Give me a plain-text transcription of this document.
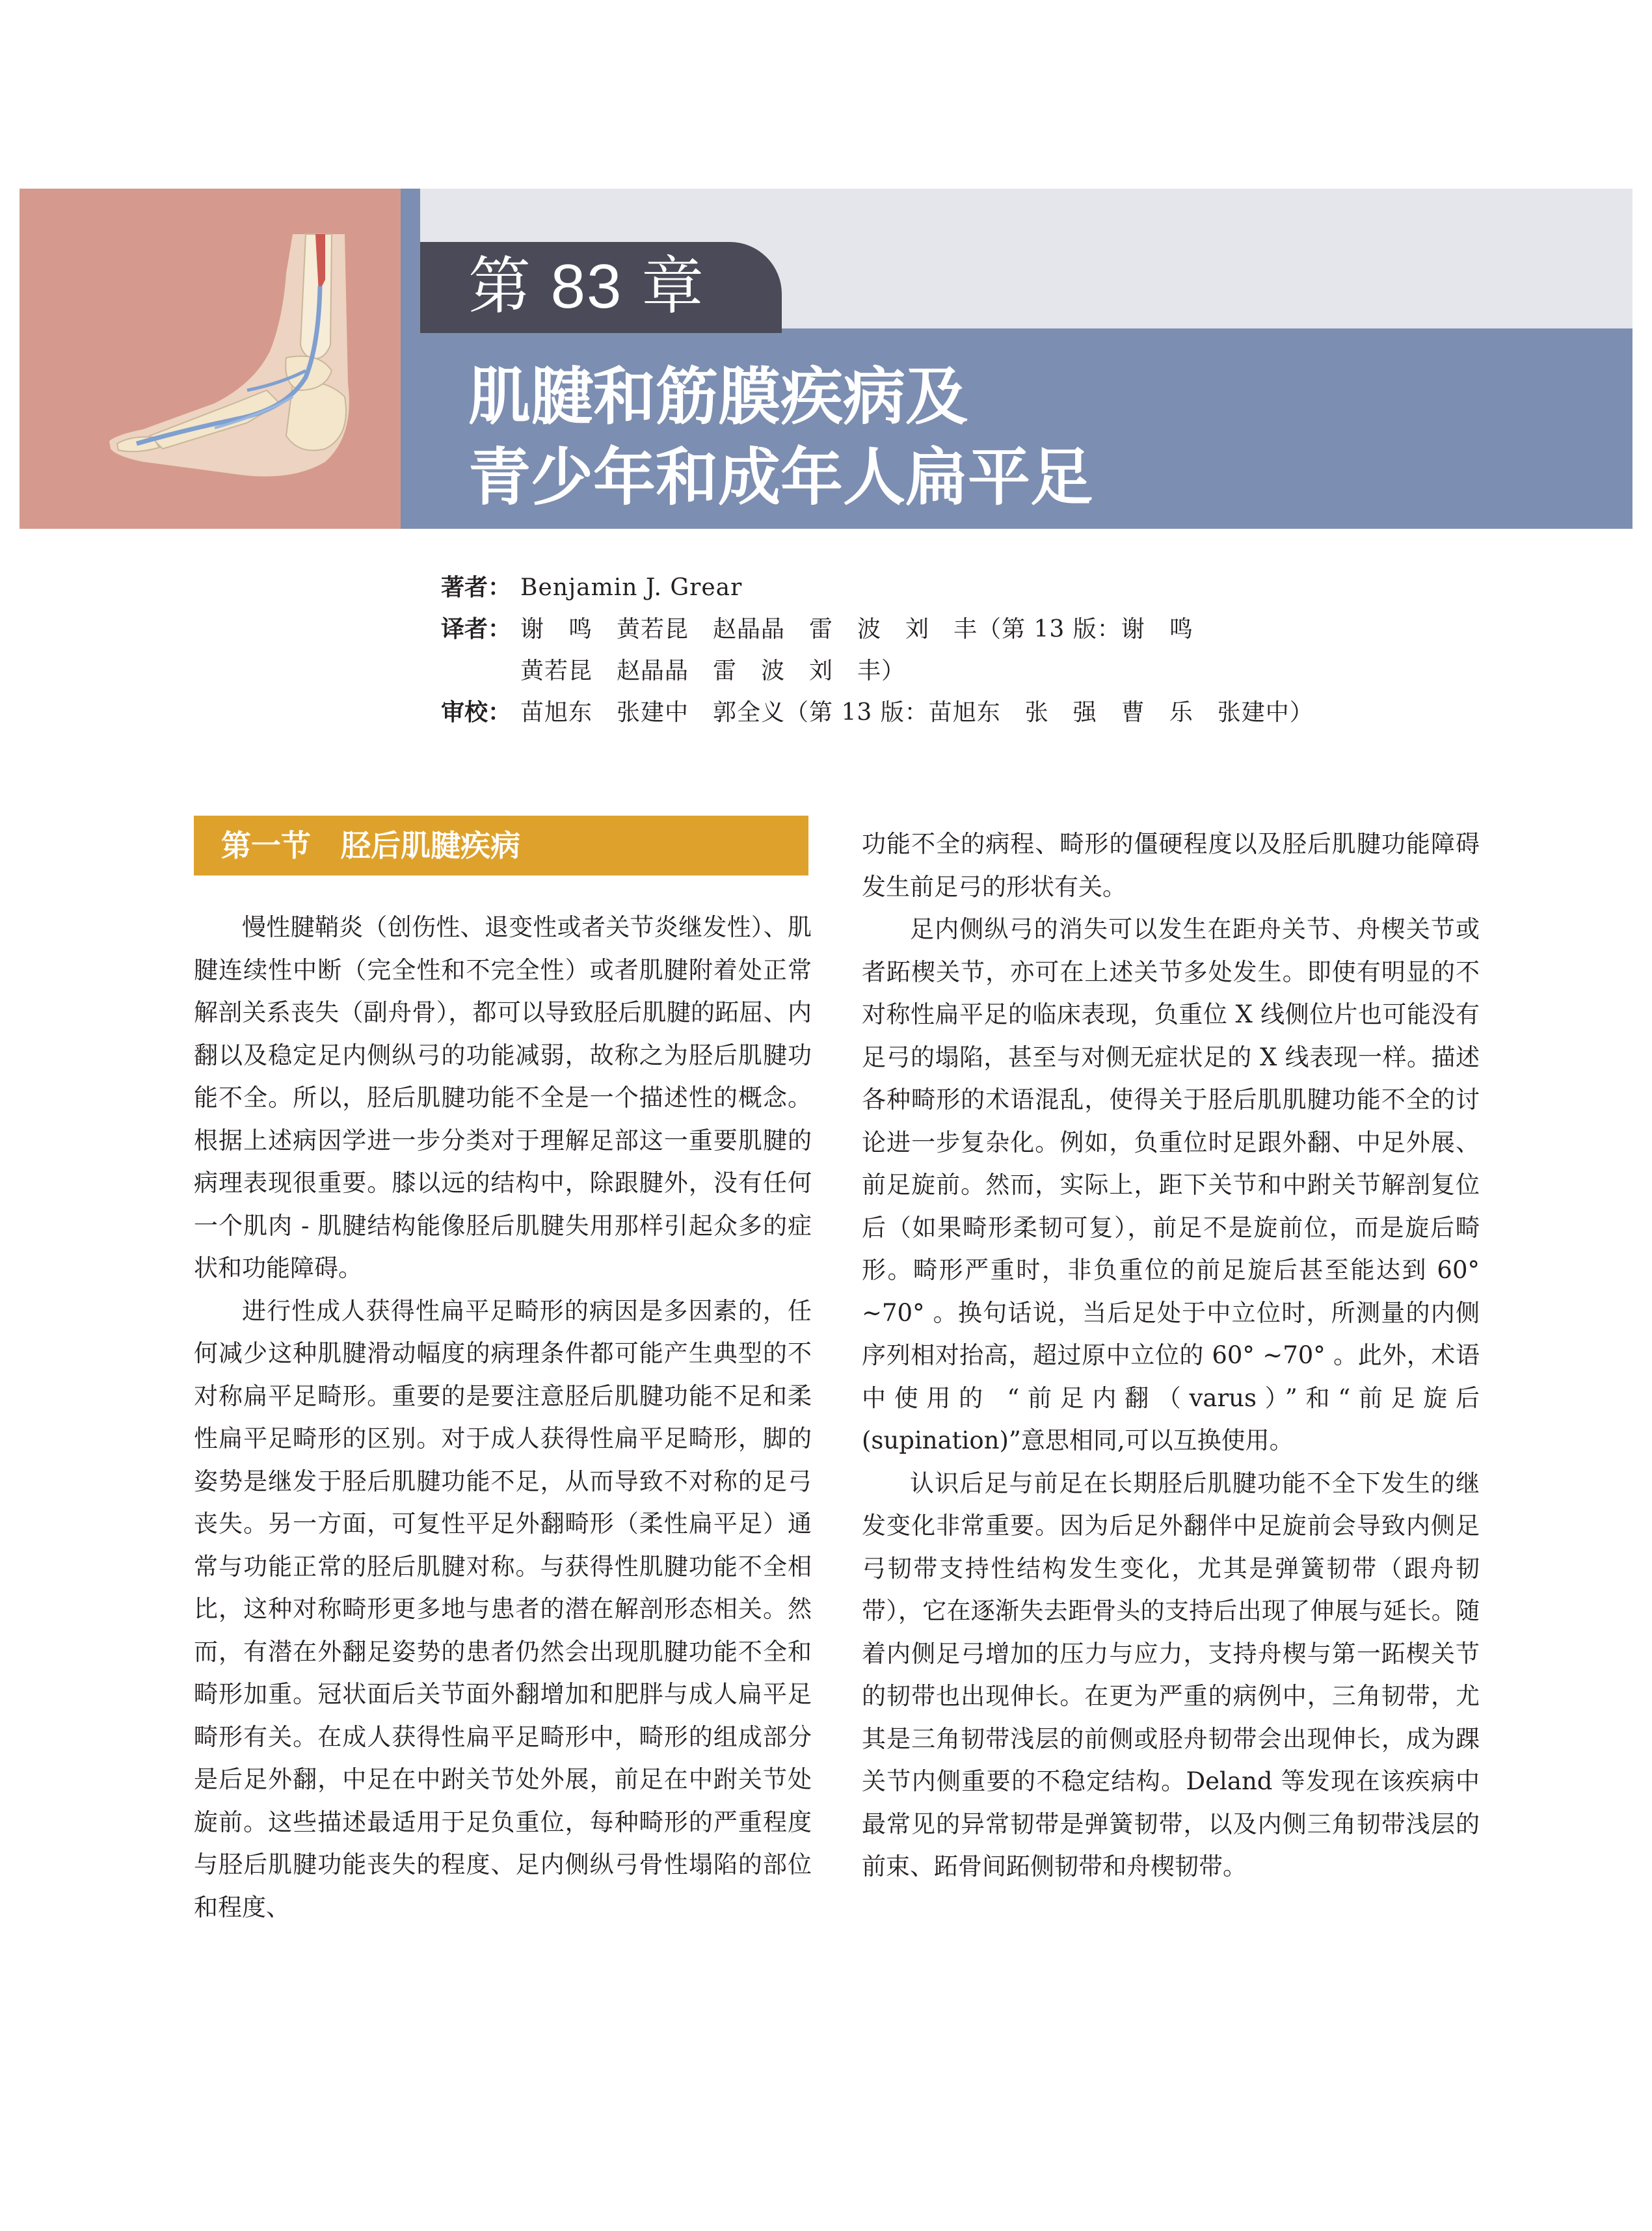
第 83 章
肌腱和筋膜疾病及
青少年和成年人扁平足
著者： Benjamin J. Grear
译者： 谢　鸣　黄若昆　赵晶晶　雷　波　刘　丰（第 13 版：谢　鸣
黄若昆　赵晶晶　雷　波　刘　丰）
审校： 苗旭东　张建中　郭全义（第 13 版：苗旭东　张　强　曹　乐　张建中）
第一节　胫后肌腱疾病

慢性腱鞘炎（创伤性、退变性或者关节炎继发性）、肌腱连续性中断（完全性和不完全性）或者肌腱附着处正常解剖关系丧失（副舟骨），都可以导致胫后肌腱的跖屈、内翻以及稳定足内侧纵弓的功能减弱，故称之为胫后肌腱功能不全。所以，胫后肌腱功能不全是一个描述性的概念。根据上述病因学进一步分类对于理解足部这一重要肌腱的病理表现很重要。膝以远的结构中，除跟腱外，没有任何一个肌肉 - 肌腱结构能像胫后肌腱失用那样引起众多的症状和功能障碍。

进行性成人获得性扁平足畸形的病因是多因素的，任何减少这种肌腱滑动幅度的病理条件都可能产生典型的不对称扁平足畸形。重要的是要注意胫后肌腱功能不足和柔性扁平足畸形的区别。对于成人获得性扁平足畸形，脚的姿势是继发于胫后肌腱功能不足，从而导致不对称的足弓丧失。另一方面，可复性平足外翻畸形（柔性扁平足）通常与功能正常的胫后肌腱对称。与获得性肌腱功能不全相比，这种对称畸形更多地与患者的潜在解剖形态相关。然而，有潜在外翻足姿势的患者仍然会出现肌腱功能不全和畸形加重。冠状面后关节面外翻增加和肥胖与成人扁平足畸形有关。在成人获得性扁平足畸形中，畸形的组成部分是后足外翻，中足在中跗关节处外展，前足在中跗关节处旋前。这些描述最适用于足负重位，每种畸形的严重程度与胫后肌腱功能丧失的程度、足内侧纵弓骨性塌陷的部位和程度、

功能不全的病程、畸形的僵硬程度以及胫后肌腱功能障碍发生前足弓的形状有关。

足内侧纵弓的消失可以发生在距舟关节、舟楔关节或者跖楔关节，亦可在上述关节多处发生。即使有明显的不对称性扁平足的临床表现，负重位 X 线侧位片也可能没有足弓的塌陷，甚至与对侧无症状足的 X 线表现一样。描述各种畸形的术语混乱，使得关于胫后肌肌腱功能不全的讨论进一步复杂化。例如，负重位时足跟外翻、中足外展、前足旋前。然而，实际上，距下关节和中跗关节解剖复位后（如果畸形柔韧可复），前足不是旋前位，而是旋后畸形。畸形严重时，非负重位的前足旋后甚至能达到 60° ~70° 。换句话说，当后足处于中立位时，所测量的内侧序列相对抬高，超过原中立位的 60° ~70° 。此外，术语中使用的 “前足内翻（varus）”和“前足旋后(supination)”意思相同,可以互换使用。

认识后足与前足在长期胫后肌腱功能不全下发生的继发变化非常重要。因为后足外翻伴中足旋前会导致内侧足弓韧带支持性结构发生变化，尤其是弹簧韧带（跟舟韧带），它在逐渐失去距骨头的支持后出现了伸展与延长。随着内侧足弓增加的压力与应力，支持舟楔与第一跖楔关节的韧带也出现伸长。在更为严重的病例中，三角韧带，尤其是三角韧带浅层的前侧或胫舟韧带会出现伸长，成为踝关节内侧重要的不稳定结构。Deland 等发现在该疾病中最常见的异常韧带是弹簧韧带，以及内侧三角韧带浅层的前束、跖骨间跖侧韧带和舟楔韧带。
